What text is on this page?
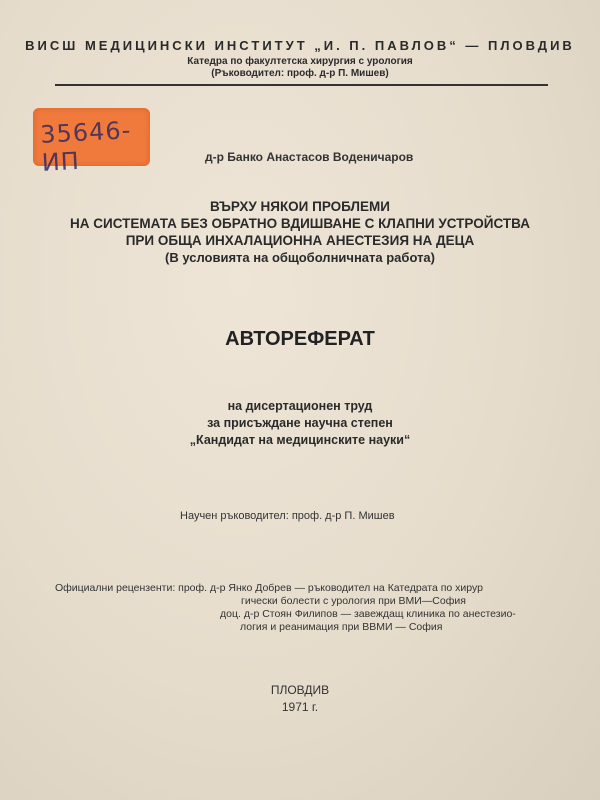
ВИСШ МЕДИЦИНСКИ ИНСТИТУТ „И. П. ПАВЛОВ“ — ПЛОВДИВ
Катедра по факултетска хирургия с урология
(Ръководител: проф. д-р П. Мишев)
35646-ИП	д-р Банко Анастасов Воденичаров
ВЪРХУ НЯКОИ ПРОБЛЕМИ
НА СИСТЕМАТА БЕЗ ОБРАТНО ВДИШВАНЕ С КЛАПНИ УСТРОЙСТВА
ПРИ ОБЩА ИНХАЛАЦИОННА АНЕСТЕЗИЯ НА ДЕЦА
(В условията на общоболничната работа)
АВТОРЕФЕРАТ
на дисертационен труд
за присъждане научна степен
„Кандидат на медицинските науки“
Научен ръководител: проф. д-р П. Мишев
Официални рецензенти: проф. д-р Янко Добрев — ръководител на Катедрата по хирур
гически болести с урология при ВМИ—София
доц. д-р Стоян Филипов — завеждащ клиника по анестезио-
логия и реанимация при ВВМИ — София
ПЛОВДИВ
1971 г.
